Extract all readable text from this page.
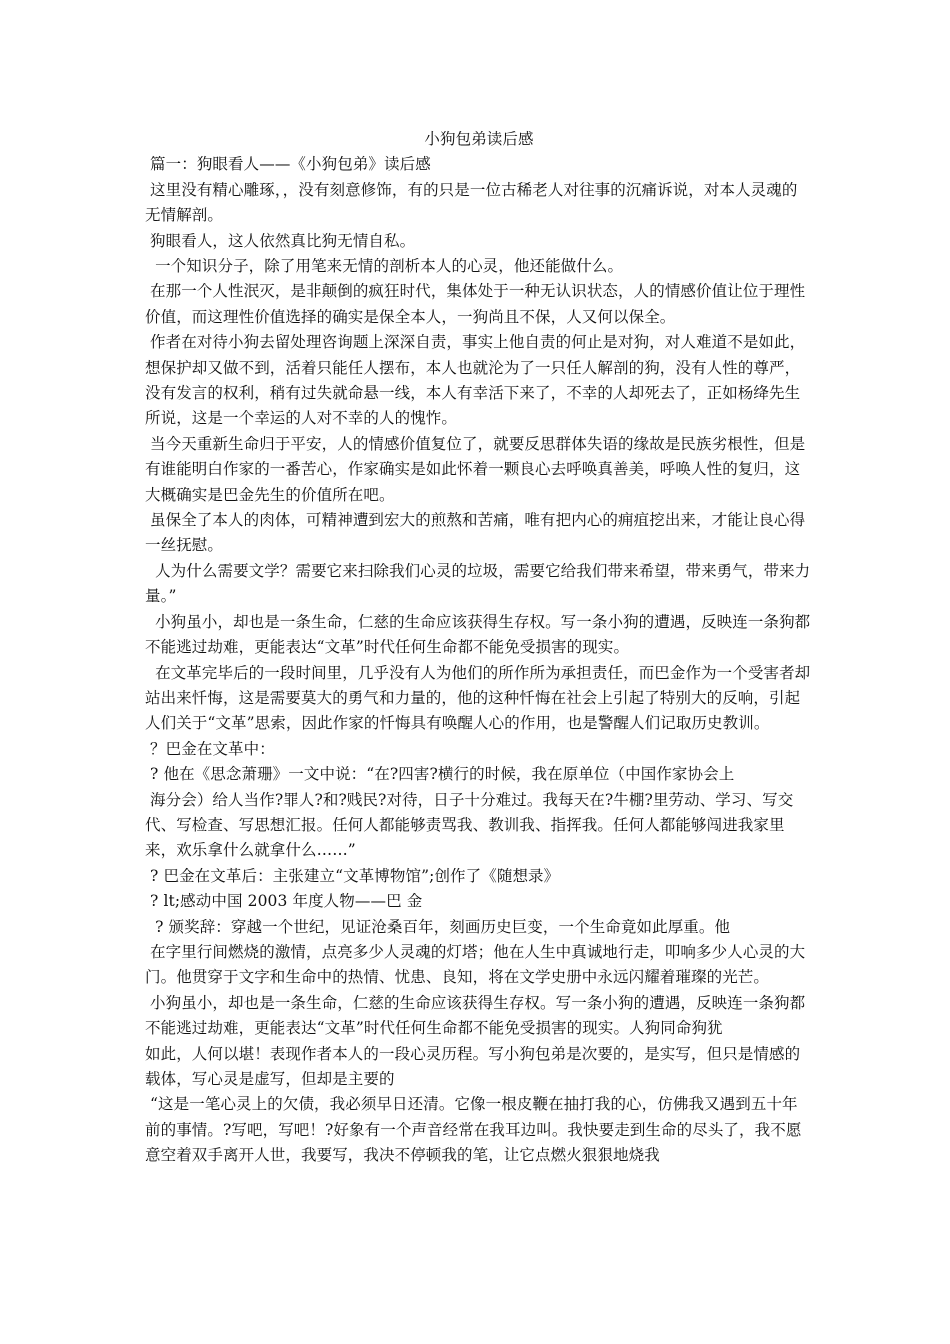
小狗包弟读后感
篇一：狗眼看人——《小狗包弟》读后感
这里没有精心雕琢，，没有刻意修饰，有的只是一位古稀老人对往事的沉痛诉说，对本人灵魂的无情解剖。
狗眼看人，这人依然真比狗无情自私。
一个知识分子，除了用笔来无情的剖析本人的心灵，他还能做什么。
在那一个人性泯灭，是非颠倒的疯狂时代，集体处于一种无认识状态，人的情感价值让位于理性价值，而这理性价值选择的确实是保全本人，一狗尚且不保，人又何以保全。
作者在对待小狗去留处理咨询题上深深自责，事实上他自责的何止是对狗，对人难道不是如此，想保护却又做不到，活着只能任人摆布，本人也就沦为了一只任人解剖的狗，没有人性的尊严，没有发言的权利，稍有过失就命悬一线，本人有幸活下来了，不幸的人却死去了，正如杨绛先生所说，这是一个幸运的人对不幸的人的愧怍。
当今天重新生命归于平安，人的情感价值复位了，就要反思群体失语的缘故是民族劣根性，但是有谁能明白作家的一番苦心，作家确实是如此怀着一颗良心去呼唤真善美，呼唤人性的复归，这大概确实是巴金先生的价值所在吧。
虽保全了本人的肉体，可精神遭到宏大的煎熬和苦痛，唯有把内心的痈疽挖出来，才能让良心得一丝抚慰。
人为什么需要文学？需要它来扫除我们心灵的垃圾，需要它给我们带来希望，带来勇气，带来力量。”
小狗虽小，却也是一条生命，仁慈的生命应该获得生存权。写一条小狗的遭遇，反映连一条狗都不能逃过劫难，更能表达“文革”时代任何生命都不能免受损害的现实。
在文革完毕后的一段时间里，几乎没有人为他们的所作所为承担责任，而巴金作为一个受害者却站出来忏悔，这是需要莫大的勇气和力量的，他的这种忏悔在社会上引起了特别大的反响，引起人们关于“文革”思索，因此作家的忏悔具有唤醒人心的作用，也是警醒人们记取历史教训。
？巴金在文革中：
? 他在《思念萧珊》一文中说：“在?四害?横行的时候，我在原单位（中国作家协会上
海分会）给人当作?罪人?和?贱民?对待，日子十分难过。我每天在?牛棚?里劳动、学习、写交代、写检查、写思想汇报。任何人都能够责骂我、教训我、指挥我。任何人都能够闯进我家里来，欢乐拿什么就拿什么……”
? 巴金在文革后：主张建立“文革博物馆”;创作了《随想录》
? lt;感动中国 2003 年度人物——巴 金
? 颁奖辞：穿越一个世纪，见证沧桑百年，刻画历史巨变，一个生命竟如此厚重。他
在字里行间燃烧的激情，点亮多少人灵魂的灯塔；他在人生中真诚地行走，叩响多少人心灵的大门。他贯穿于文字和生命中的热情、忧患、良知，将在文学史册中永远闪耀着璀璨的光芒。
小狗虽小，却也是一条生命，仁慈的生命应该获得生存权。写一条小狗的遭遇，反映连一条狗都不能逃过劫难，更能表达“文革”时代任何生命都不能免受损害的现实。人狗同命狗犹
如此，人何以堪！表现作者本人的一段心灵历程。写小狗包弟是次要的，是实写，但只是情感的载体，写心灵是虚写，但却是主要的
“这是一笔心灵上的欠债，我必须早日还清。它像一根皮鞭在抽打我的心，仿佛我又遇到五十年前的事情。?写吧，写吧！?好象有一个声音经常在我耳边叫。我快要走到生命的尽头了，我不愿意空着双手离开人世，我要写，我决不停顿我的笔，让它点燃火狠狠地烧我
